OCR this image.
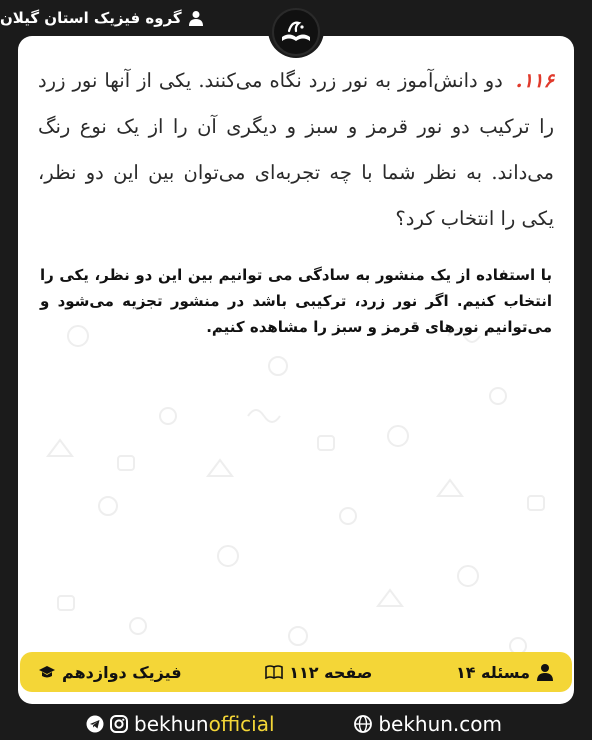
گروه فیزیک استان گیلان
۱۱۶. دو دانش‌آموز به نور زرد نگاه می‌کنند. یکی از آنها نور زرد را ترکیب دو نور قرمز و سبز و دیگری آن را از یک نوع رنگ می‌داند. به نظر شما با چه تجربه‌ای می‌توان بین این دو نظر، یکی را انتخاب کرد؟
با استفاده از یک منشور به سادگی می توانیم بین این دو نظر، یکی را انتخاب کنیم. اگر نور زرد، ترکیبی باشد در منشور تجزیه می‌شود و می‌توانیم نورهای قرمز و سبز را مشاهده کنیم.
مسئله ۱۴
صفحه ۱۱۲
فیزیک دوازدهم
bekhunofficial	bekhun.com
